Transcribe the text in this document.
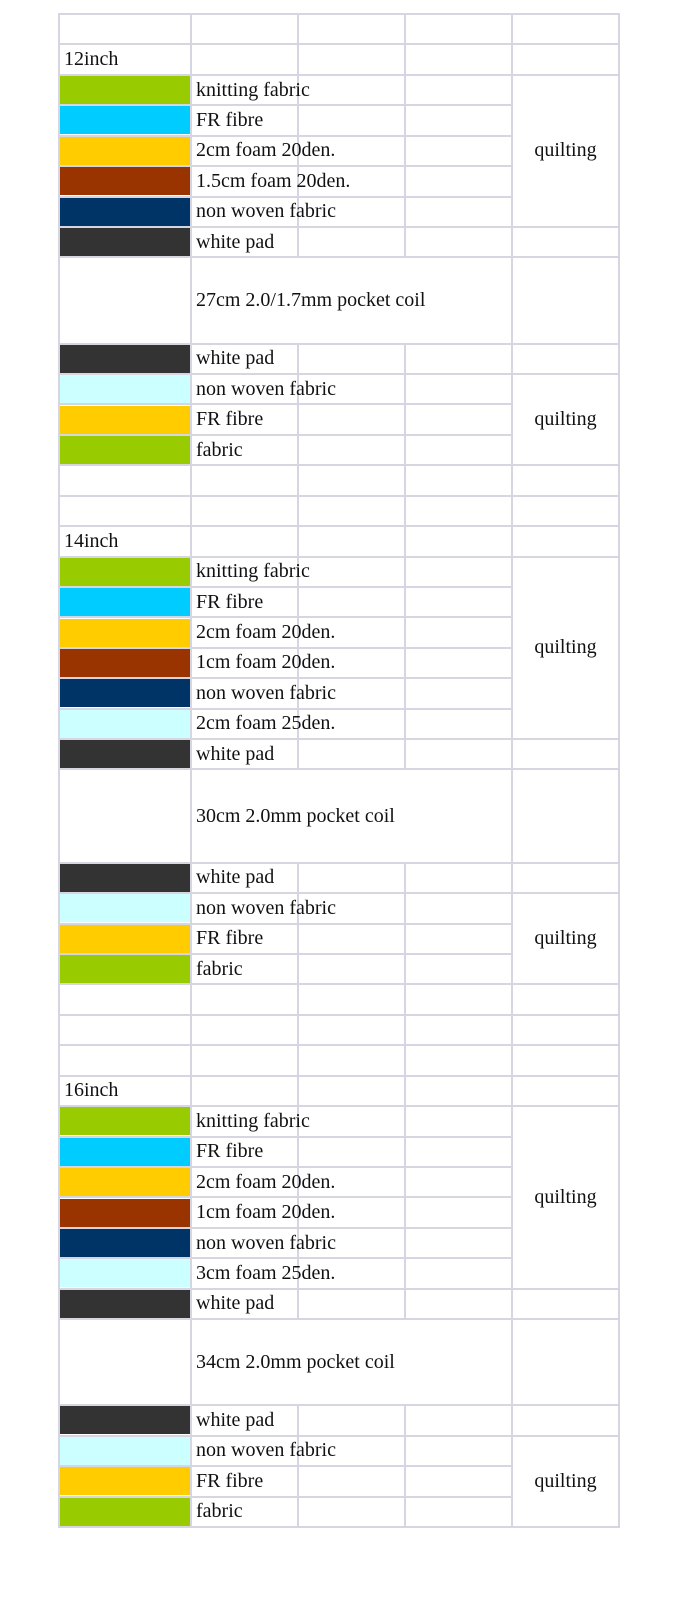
12inch				

	knitting fabric			quilting

	FR fibre			

	2cm foam 20den.			

	1.5cm foam 20den.			

	non woven fabric			

	white pad			
	27cm 2.0/1.7mm pocket coil			

	white pad			

	non woven fabric			quilting

	FR fibre			

	fabric			

14inch				

	knitting fabric			quilting

	FR fibre			

	2cm foam 20den.			

	1cm foam 20den.			

	non woven fabric			

	2cm foam 25den.			

	white pad			
	30cm 2.0mm pocket coil			

	white pad			

	non woven fabric			quilting

	FR fibre			

	fabric			

16inch				

	knitting fabric			quilting

	FR fibre			

	2cm foam 20den.			

	1cm foam 20den.			

	non woven fabric			

	3cm foam 25den.			

	white pad			
	34cm 2.0mm pocket coil			

	white pad			

	non woven fabric			quilting

	FR fibre			

	fabric			
